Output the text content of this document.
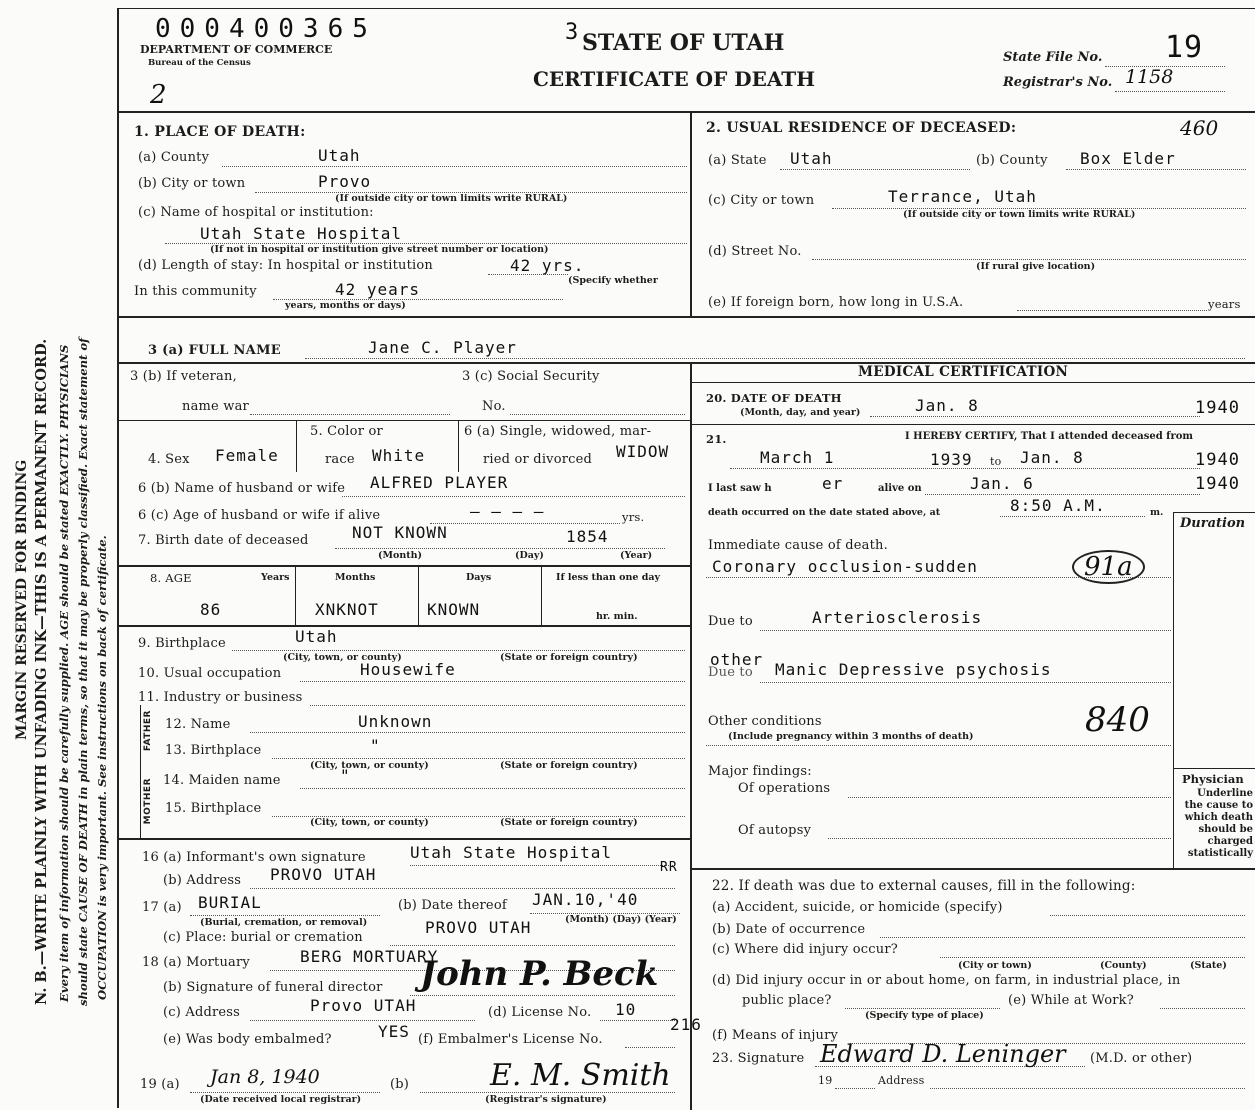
MARGIN RESERVED FOR BINDING N. B.—WRITE PLAINLY WITH UNFADING INK—THIS IS A PERMANENT RECORD. Every item of information should be carefully supplied. AGE should be stated EXACTLY. PHYSICIANS should state CAUSE OF DEATH in plain terms, so that it may be properly classified. Exact statement of OCCUPATION is very important. See instructions on back of certificate.
000400365	3
DEPARTMENT OF COMMERCE
Bureau of the Census
STATE OF UTAH
CERTIFICATE OF DEATH
State File No. 19
Registrar's No. 1158
2
1. PLACE OF DEATH:
(a) County	Utah
(b) City or town	Provo
(If outside city or town limits write RURAL)
(c) Name of hospital or institution:
Utah State Hospital
(If not in hospital or institution give street number or location)
(d) Length of stay: In hospital or institution	42 yrs.
(Specify whether
In this community	42 years
years, months or days)
2. USUAL RESIDENCE OF DECEASED:	460
(a) State Utah	(b) County Box Elder
(c) City or town	Terrance, Utah
(If outside city or town limits write RURAL)
(d) Street No.
(If rural give location)
(e) If foreign born, how long in U.S.A.	years
3 (a) FULL NAME	Jane C. Player
3 (b) If veteran,
name war
3 (c) Social Security
No.
4. Sex Female
5. Color or
race White
6 (a) Single, widowed, mar-
ried or divorced WIDOW
6 (b) Name of husband or wife ALFRED PLAYER
6 (c) Age of husband or wife if alive	— — — —	yrs.
7. Birth date of deceased	NOT KNOWN	1854
(Month)	(Day)	(Year)
8. AGE	Years	Months	Days	If less than one day
86	XNKNOT	KNOWN	hr. min.
9. Birthplace	Utah
(City, town, or county)	(State or foreign country)
10. Usual occupation	Housewife
11. Industry or business
FATHER
MOTHER
12. Name	Unknown
13. Birthplace	"
(City, town, or county)	(State or foreign country)
14. Maiden name	"
15. Birthplace
(City, town, or county)	(State or foreign country)
16 (a) Informant's own signature	Utah State Hospital
RR
(b) Address PROVO UTAH
17 (a) BURIAL
(Burial, cremation, or removal)
(b) Date thereof JAN.10,'40
(Month) (Day) (Year)
(c) Place: burial or cremation
PROVO UTAH
18 (a) Mortuary	BERG MORTUARY
(b) Signature of funeral director John P. Beck
(c) Address	Provo UTAH	(d) License No. 10
(e) Was body embalmed?	YES (f) Embalmer's License No.
216
19 (a) Jan 8, 1940
(Date received local registrar)
(b)	E. M. Smith
(Registrar's signature)
MEDICAL CERTIFICATION
20. DATE OF DEATH
(Month, day, and year)	Jan. 8	1940
21.	I HEREBY CERTIFY, That I attended deceased from
March 1	1939 to Jan. 8	1940
I last saw h	er	alive on	Jan. 6	1940
death occurred on the date stated above, at	8:50 A.M.	m.
Duration
Immediate cause of death.
Coronary occlusion-sudden	91a
Due to	Arteriosclerosis
other
Due to Manic Depressive psychosis
Other conditions
(Include pregnancy within 3 months of death)	840
Major findings:
Of operations
Of autopsy
Physician
Underline the cause to which death should be charged statistically
22. If death was due to external causes, fill in the following:
(a) Accident, suicide, or homicide (specify)
(b) Date of occurrence
(c) Where did injury occur?
(City or town)	(County)	(State)
(d) Did injury occur in or about home, on farm, in industrial place, in
public place?
(Specify type of place)
(e) While at Work?
(f) Means of injury
23. Signature Edward D. Leninger (M.D. or other)
19	Address
